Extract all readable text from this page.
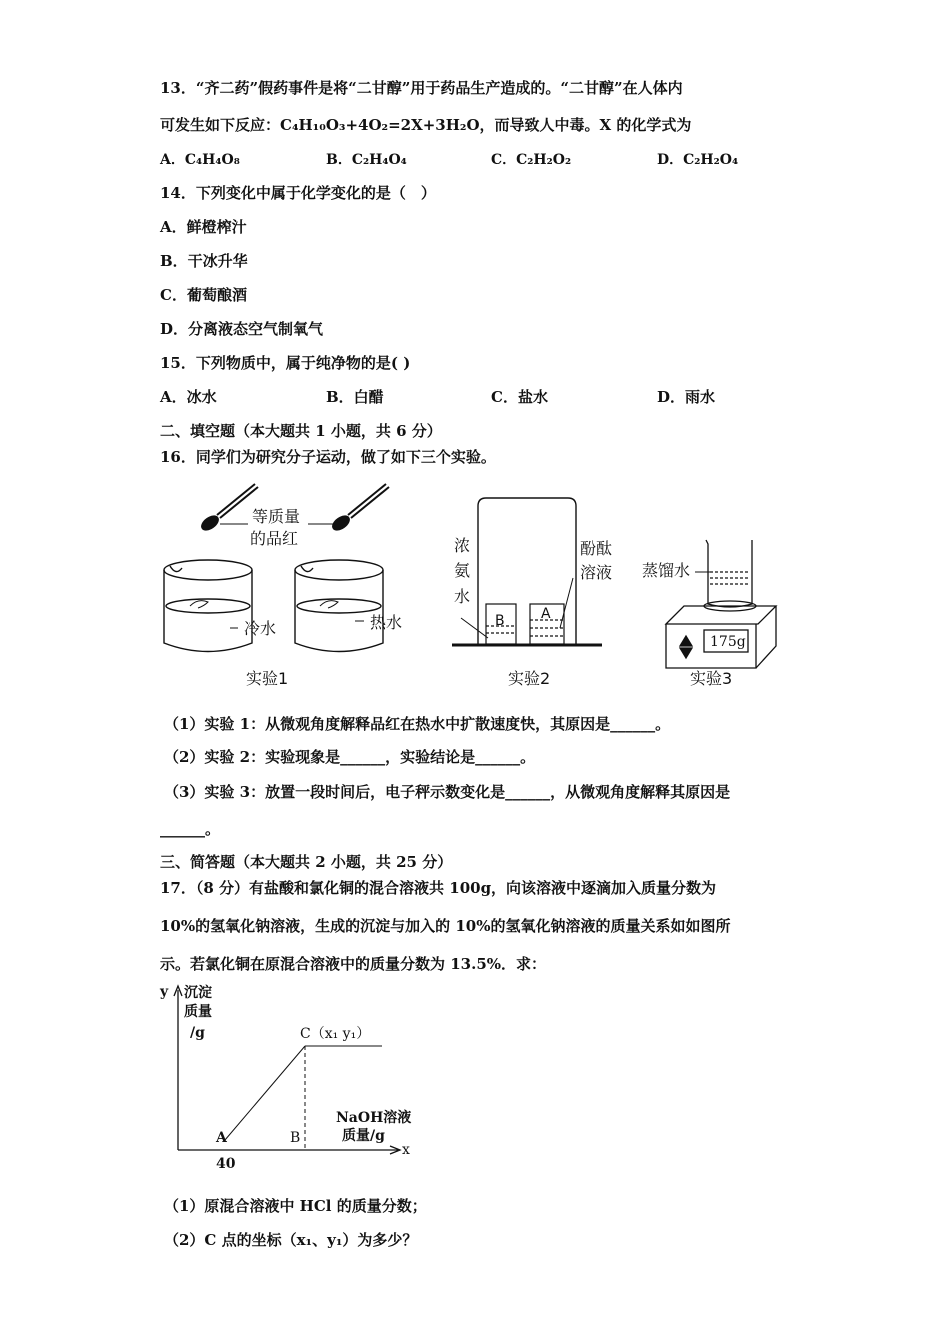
13．“齐二药”假药事件是将“二甘醇”用于药品生产造成的。“二甘醇”在人体内
可发生如下反应：C₄H₁₀O₃+4O₂=2X+3H₂O，而导致人中毒。X 的化学式为
A．C₄H₄O₈	B．C₂H₄O₄	C．C₂H₂O₂	D．C₂H₂O₄
14．下列变化中属于化学变化的是（　）
A．鲜橙榨汁
B．干冰升华
C．葡萄酿酒
D．分离液态空气制氧气
15．下列物质中，属于纯净物的是( )
A．冰水	B．白醋	C．盐水	D．雨水
二、填空题（本大题共 1 小题，共 6 分）
16．同学们为研究分子运动，做了如下三个实验。
等质量
的品红
冷水	热水
实验1
B	A
浓
氨
水
酚酞
溶液
实验2
蒸馏水
175g
实验3
（1）实验 1：从微观角度解释品红在热水中扩散速度快，其原因是______。
（2）实验 2：实验现象是______，实验结论是______。
（3）实验 3：放置一段时间后，电子秤示数变化是______，从微观角度解释其原因是
______。
三、简答题（本大题共 2 小题，共 25 分）
17．（8 分）有盐酸和氯化铜的混合溶液共 100g，向该溶液中逐滴加入质量分数为
10%的氢氧化钠溶液，生成的沉淀与加入的 10%的氢氧化钠溶液的质量关系如如图所
示。若氯化铜在原混合溶液中的质量分数为 13.5%．求：
y 沉淀
质量
/g	C（x₁ y₁）
A	B
40
NaOH溶液
质量/g
x
（1）原混合溶液中 HCl 的质量分数；
（2）C 点的坐标（x₁、y₁）为多少？
